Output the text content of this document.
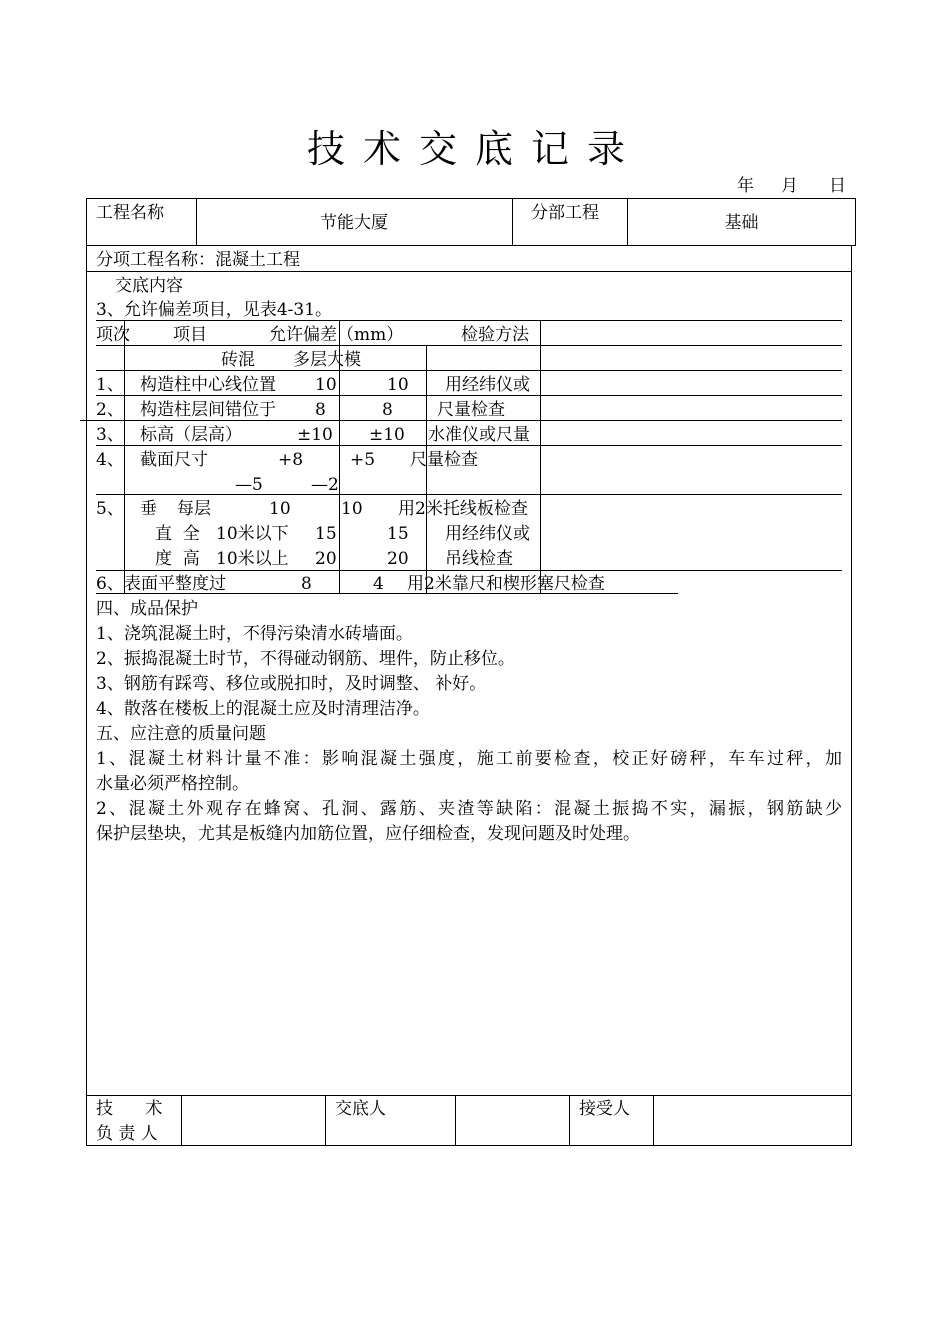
技术交底记录
年 月 日
工程名称	节能大厦	分部工程	基础
分项工程名称：混凝土工程
交底内容
3、允许偏差项目，见表4-31。
项次	项目	允许偏差（mm）	检验方法
砖混 多层大模
1、 构造柱中心线位置 10	10 用经纬仪或
2、 构造柱层间错位于 8	8	尺量检查
3、 标高（层高）	±10 ±10 水准仪或尺量
4、 截面尺寸	+8	+5 尺量检查
—5	—2
5、 垂 每层	10	10 用2米托线板检查
直  全   10米以下 15	15 用经纬仪或
度  高   10米以上 20	20 吊线检查
6、 表面平整度过	8	4 用2米靠尺和楔形塞尺检查
四、成品保护
1、浇筑混凝土时，不得污染清水砖墙面。
2、振捣混凝土时节，不得碰动钢筋、埋件，防止移位。
3、钢筋有踩弯、移位或脱扣时，及时调整、 补好。
4、散落在楼板上的混凝土应及时清理洁净。
五、应注意的质量问题
1、混凝土材料计量不准：影响混凝土强度，施工前要检查，校正好磅秤，车车过秤，加
水量必须严格控制。
2、混凝土外观存在蜂窝、孔洞、露筋、夹渣等缺陷：混凝土振捣不实，漏振，钢筋缺少
保护层垫块，尤其是板缝内加筋位置，应仔细检查，发现问题及时处理。
技      术
负 责 人
交底人	接受人
